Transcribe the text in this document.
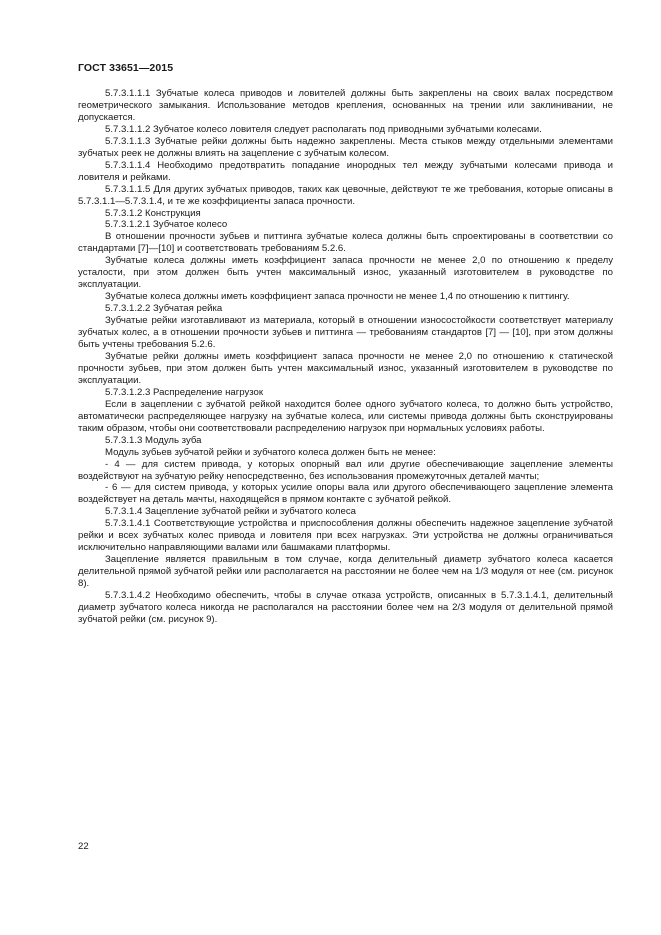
ГОСТ 33651—2015

5.7.3.1.1.1 Зубчатые колеса приводов и ловителей должны быть закреплены на своих валах посредством геометрического замыкания. Использование методов крепления, основанных на трении или заклинивании, не допускается.

5.7.3.1.1.2 Зубчатое колесо ловителя следует располагать под приводными зубчатыми колесами.

5.7.3.1.1.3 Зубчатые рейки должны быть надежно закреплены. Места стыков между отдельными элементами зубчатых реек не должны влиять на зацепление с зубчатым колесом.

5.7.3.1.1.4 Необходимо предотвратить попадание инородных тел между зубчатыми колесами привода и ловителя и рейками.

5.7.3.1.1.5 Для других зубчатых приводов, таких как цевочные, действуют те же требования, которые описаны в 5.7.3.1.1—5.7.3.1.4, и те же коэффициенты запаса прочности.

5.7.3.1.2 Конструкция

5.7.3.1.2.1 Зубчатое колесо

В отношении прочности зубьев и питтинга зубчатые колеса должны быть спроектированы в соответствии со стандартами [7]—[10] и соответствовать требованиям 5.2.6.

Зубчатые колеса должны иметь коэффициент запаса прочности не менее 2,0 по отношению к пределу усталости, при этом должен быть учтен максимальный износ, указанный изготовителем в руководстве по эксплуатации.

Зубчатые колеса должны иметь коэффициент запаса прочности не менее 1,4 по отношению к питтингу.

5.7.3.1.2.2 Зубчатая рейка

Зубчатые рейки изготавливают из материала, который в отношении износостойкости соответствует материалу зубчатых колес, а в отношении прочности зубьев и питтинга — требованиям стандартов [7] — [10], при этом должны быть учтены требования 5.2.6.

Зубчатые рейки должны иметь коэффициент запаса прочности не менее 2,0 по отношению к статической прочности зубьев, при этом должен быть учтен максимальный износ, указанный изготовителем в руководстве по эксплуатации.

5.7.3.1.2.3 Распределение нагрузок

Если в зацеплении с зубчатой рейкой находится более одного зубчатого колеса, то должно быть устройство, автоматически распределяющее нагрузку на зубчатые колеса, или системы привода должны быть сконструированы таким образом, чтобы они соответствовали распределению нагрузок при нормальных условиях работы.

5.7.3.1.3 Модуль зуба

Модуль зубьев зубчатой рейки и зубчатого колеса должен быть не менее:

- 4 — для систем привода, у которых опорный вал или другие обеспечивающие зацепление элементы воздействуют на зубчатую рейку непосредственно, без использования промежуточных деталей мачты;

- 6 — для систем привода, у которых усилие опоры вала или другого обеспечивающего зацепление элемента воздействует на деталь мачты, находящейся в прямом контакте с зубчатой рейкой.

5.7.3.1.4 Зацепление зубчатой рейки и зубчатого колеса

5.7.3.1.4.1 Соответствующие устройства и приспособления должны обеспечить надежное зацепление зубчатой рейки и всех зубчатых колес привода и ловителя при всех нагрузках. Эти устройства не должны ограничиваться исключительно направляющими валами или башмаками платформы.

Зацепление является правильным в том случае, когда делительный диаметр зубчатого колеса касается делительной прямой зубчатой рейки или располагается на расстоянии не более чем на 1/3 модуля от нее (см. рисунок 8).

5.7.3.1.4.2 Необходимо обеспечить, чтобы в случае отказа устройств, описанных в 5.7.3.1.4.1, делительный диаметр зубчатого колеса никогда не располагался на расстоянии более чем на 2/3 модуля от делительной прямой зубчатой рейки (см. рисунок 9).

22
